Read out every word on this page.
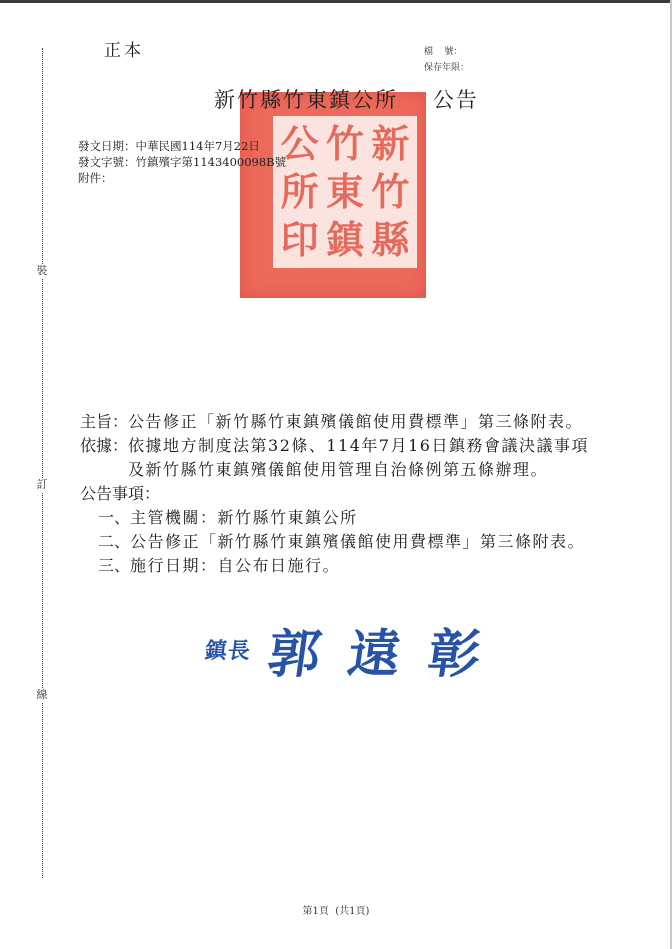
裝
訂
線
正本	檔    號：
保存年限：
新
竹
縣
竹
東
鎮
公
所
印
新竹縣竹東鎮公所    公告
發文日期：中華民國114年7月22日
發文字號：竹鎮殯字第1143400098B號
附件：
主旨： 公告修正「新竹縣竹東鎮殯儀館使用費標準」第三條附表。
依據： 依據地方制度法第32條、114年7月16日鎮務會議決議事項及新竹縣竹東鎮殯儀館使用管理自治條例第五條辦理。
公告事項：
一、 主管機關：新竹縣竹東鎮公所
二、 公告修正「新竹縣竹東鎮殯儀館使用費標準」第三條附表。
三、 施行日期：自公布日施行。
鎮長 郭遠彰
第1頁  (共1頁)
